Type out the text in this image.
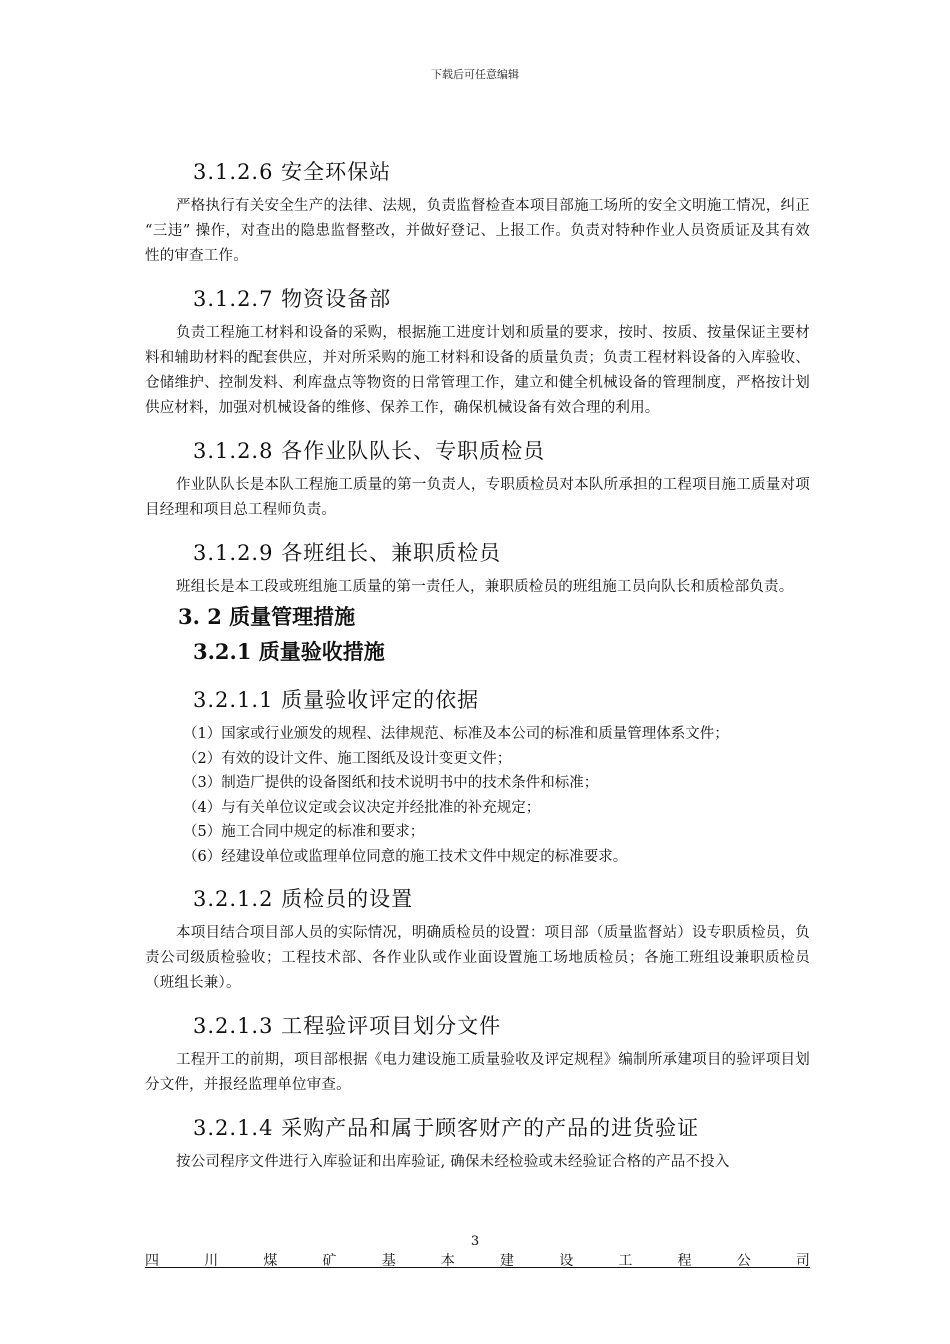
下载后可任意编辑
3.1.2.6 安全环保站

严格执行有关安全生产的法律、法规，负责监督检查本项目部施工场所的安全文明施工情况，纠正 “三违” 操作，对查出的隐患监督整改，并做好登记、上报工作。负责对特种作业人员资质证及其有效性的审查工作。

3.1.2.7 物资设备部

负责工程施工材料和设备的采购，根据施工进度计划和质量的要求，按时、按质、按量保证主要材料和辅助材料的配套供应，并对所采购的施工材料和设备的质量负责；负责工程材料设备的入库验收、仓储维护、控制发料、利库盘点等物资的日常管理工作，建立和健全机械设备的管理制度，严格按计划供应材料，加强对机械设备的维修、保养工作，确保机械设备有效合理的利用。

3.1.2.8 各作业队队长、专职质检员

作业队队长是本队工程施工质量的第一负责人，专职质检员对本队所承担的工程项目施工质量对项目经理和项目总工程师负责。

3.1.2.9 各班组长、兼职质检员

班组长是本工段或班组施工质量的第一责任人，兼职质检员的班组施工员向队长和质检部负责。

3. 2 质量管理措施
3.2.1 质量验收措施
3.2.1.1 质量验收评定的依据
（1）国家或行业颁发的规程、法律规范、标准及本公司的标准和质量管理体系文件；
（2）有效的设计文件、施工图纸及设计变更文件；
（3）制造厂提供的设备图纸和技术说明书中的技术条件和标准；
（4）与有关单位议定或会议决定并经批准的补充规定；
（5）施工合同中规定的标准和要求；
（6）经建设单位或监理单位同意的施工技术文件中规定的标准要求。
3.2.1.2 质检员的设置

本项目结合项目部人员的实际情况，明确质检员的设置：项目部（质量监督站）设专职质检员，负责公司级质检验收；工程技术部、各作业队或作业面设置施工场地质检员；各施工班组设兼职质检员（班组长兼）。

3.2.1.3 工程验评项目划分文件

工程开工的前期，项目部根据《电力建设施工质量验收及评定规程》编制所承建项目的验评项目划分文件，并报经监理单位审查。

3.2.1.4 采购产品和属于顾客财产的产品的进货验证

按公司程序文件进行入库验证和出库验证, 确保未经检验或未经验证合格的产品不投入

3
四	川	煤	矿	基	本	建	设	工	程	公	司
